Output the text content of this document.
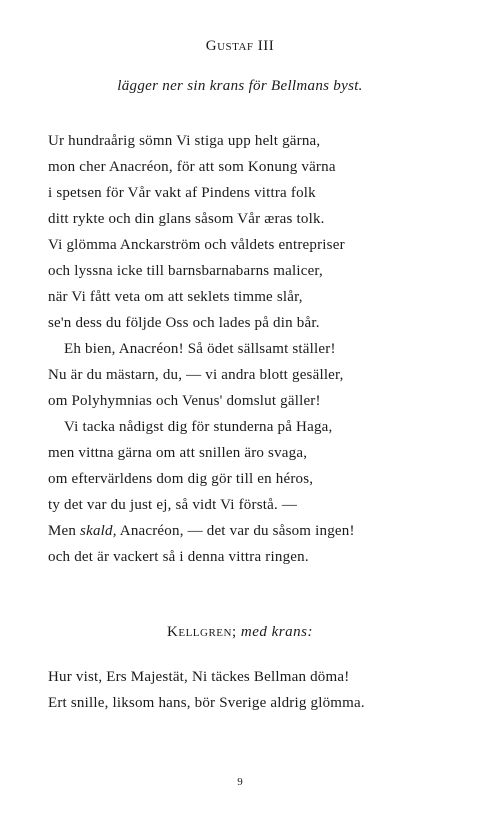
Gustaf III
lägger ner sin krans för Bellmans byst.
Ur hundraårig sömn Vi stiga upp helt gärna,
mon cher Anacréon, för att som Konung värna
i spetsen för Vår vakt af Pindens vittra folk
ditt rykte och din glans såsom Vår æras tolk.
Vi glömma Anckarström och våldets entrepriser
och lyssna icke till barnsbarnabarns malicer,
när Vi fått veta om att seklets timme slår,
se'n dess du följde Oss och lades på din bår.
Eh bien, Anacréon! Så ödet sällsamt ställer!
Nu är du mästarn, du, — vi andra blott gesäller,
om Polyhymnias och Venus' domslut gäller!
Vi tacka nådigst dig för stunderna på Haga,
men vittna gärna om att snillen äro svaga,
om eftervärldens dom dig gör till en héros,
ty det var du just ej, så vidt Vi förstå. —
Men skald, Anacréon, — det var du såsom ingen!
och det är vackert så i denna vittra ringen.
Kellgren; med krans:
Hur vist, Ers Majestät, Ni täckes Bellman döma!
Ert snille, liksom hans, bör Sverige aldrig glömma.
9
